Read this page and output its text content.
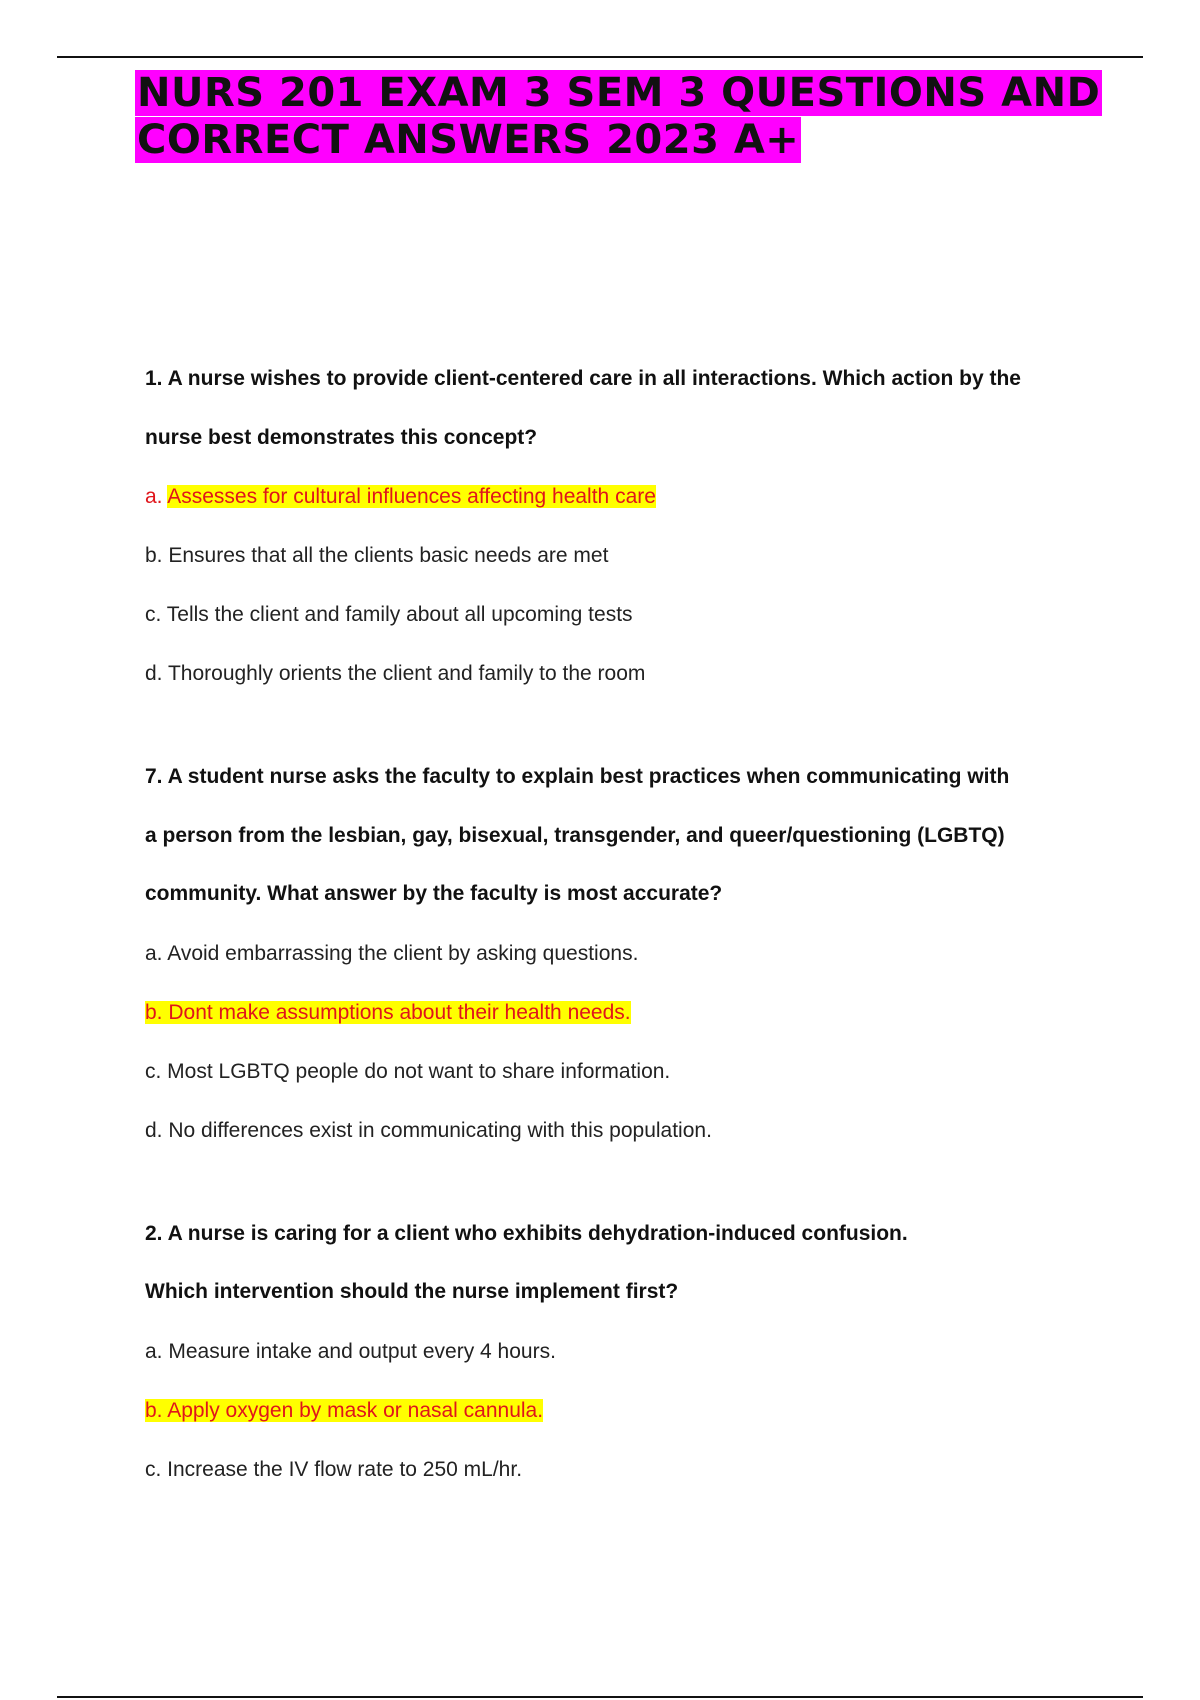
NURS 201 EXAM 3 SEM 3 QUESTIONS AND
CORRECT ANSWERS 2023 A+

1. A nurse wishes to provide client-centered care in all interactions. Which action by the

nurse best demonstrates this concept?

a. Assesses for cultural influences affecting health care

b. Ensures that all the clients basic needs are met

c. Tells the client and family about all upcoming tests

d. Thoroughly orients the client and family to the room

7. A student nurse asks the faculty to explain best practices when communicating with

a person from the lesbian, gay, bisexual, transgender, and queer/questioning (LGBTQ)

community. What answer by the faculty is most accurate?

a. Avoid embarrassing the client by asking questions.

b. Dont make assumptions about their health needs.

c. Most LGBTQ people do not want to share information.

d. No differences exist in communicating with this population.

2. A nurse is caring for a client who exhibits dehydration-induced confusion.

Which intervention should the nurse implement first?

a. Measure intake and output every 4 hours.

b. Apply oxygen by mask or nasal cannula.

c. Increase the IV flow rate to 250 mL/hr.
